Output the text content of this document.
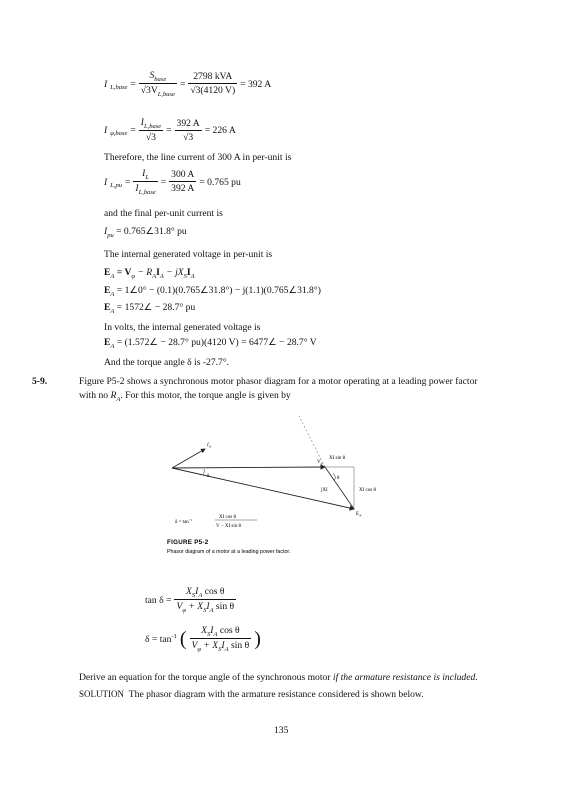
I L,base = $\frac{S_{base}}{√3V_{L,base}} = \frac{\text{2798 kVA}}{√3(4120 V)} = 392$ A
I φ,base = $\frac{I_{L,base}}{√3} = \frac{392 A}{√3} = 226$ A
Therefore, the line current of 300 A in per-unit is
I $L,pu = \frac{I_L}{I_{L,base}} = \frac{300 A}{392 A} = 0.765$ pu
and the final per-unit current is
$I_{pu}$ = 0.765∠31.8° pu
The internal generated voltage in per-unit is
$E_A = V_\varphi - R_AI_A - jX_SI_A$
$E_A$ = 1∠0° − (0.1)(0.765∠31.8°) − j(1.1)(0.765∠31.8°)
$E_A$ = 1572∠ − 28.7° pu
In volts, the internal generated voltage is
$E_A$ = (1.572∠ − 28.7° pu)(4120 V) = 6477∠ − 28.7° V
And the torque angle δ is -27.7°.
5-9.	Figure P5-2 shows a synchronous motor phasor diagram for a motor operating at a leading power factor
with no $R_A$. For this motor, the torque angle is given by
$I_A$
$V_\varphi$
δ	θ
$E_A$
XI sin θ
jXI	XI cos θ
$\delta = \tan^{-1}$	XI cos θ
V − XI sin θ
FIGURE P5-2
Phasor diagram of a motor at a leading power factor.
$\tan \delta = \frac{X_SI_A \cos \theta}{V_\varphi + X_SI_A \sin \theta}$
$\delta = \tan^{-1}$ ( $\frac{X_SI_A \cos \theta}{V_\varphi + X_SI_A \sin \theta}$ )
Derive an equation for the torque angle of the synchronous motor if the armature resistance is included.
SOLUTION The phasor diagram with the armature resistance considered is shown below.
135
